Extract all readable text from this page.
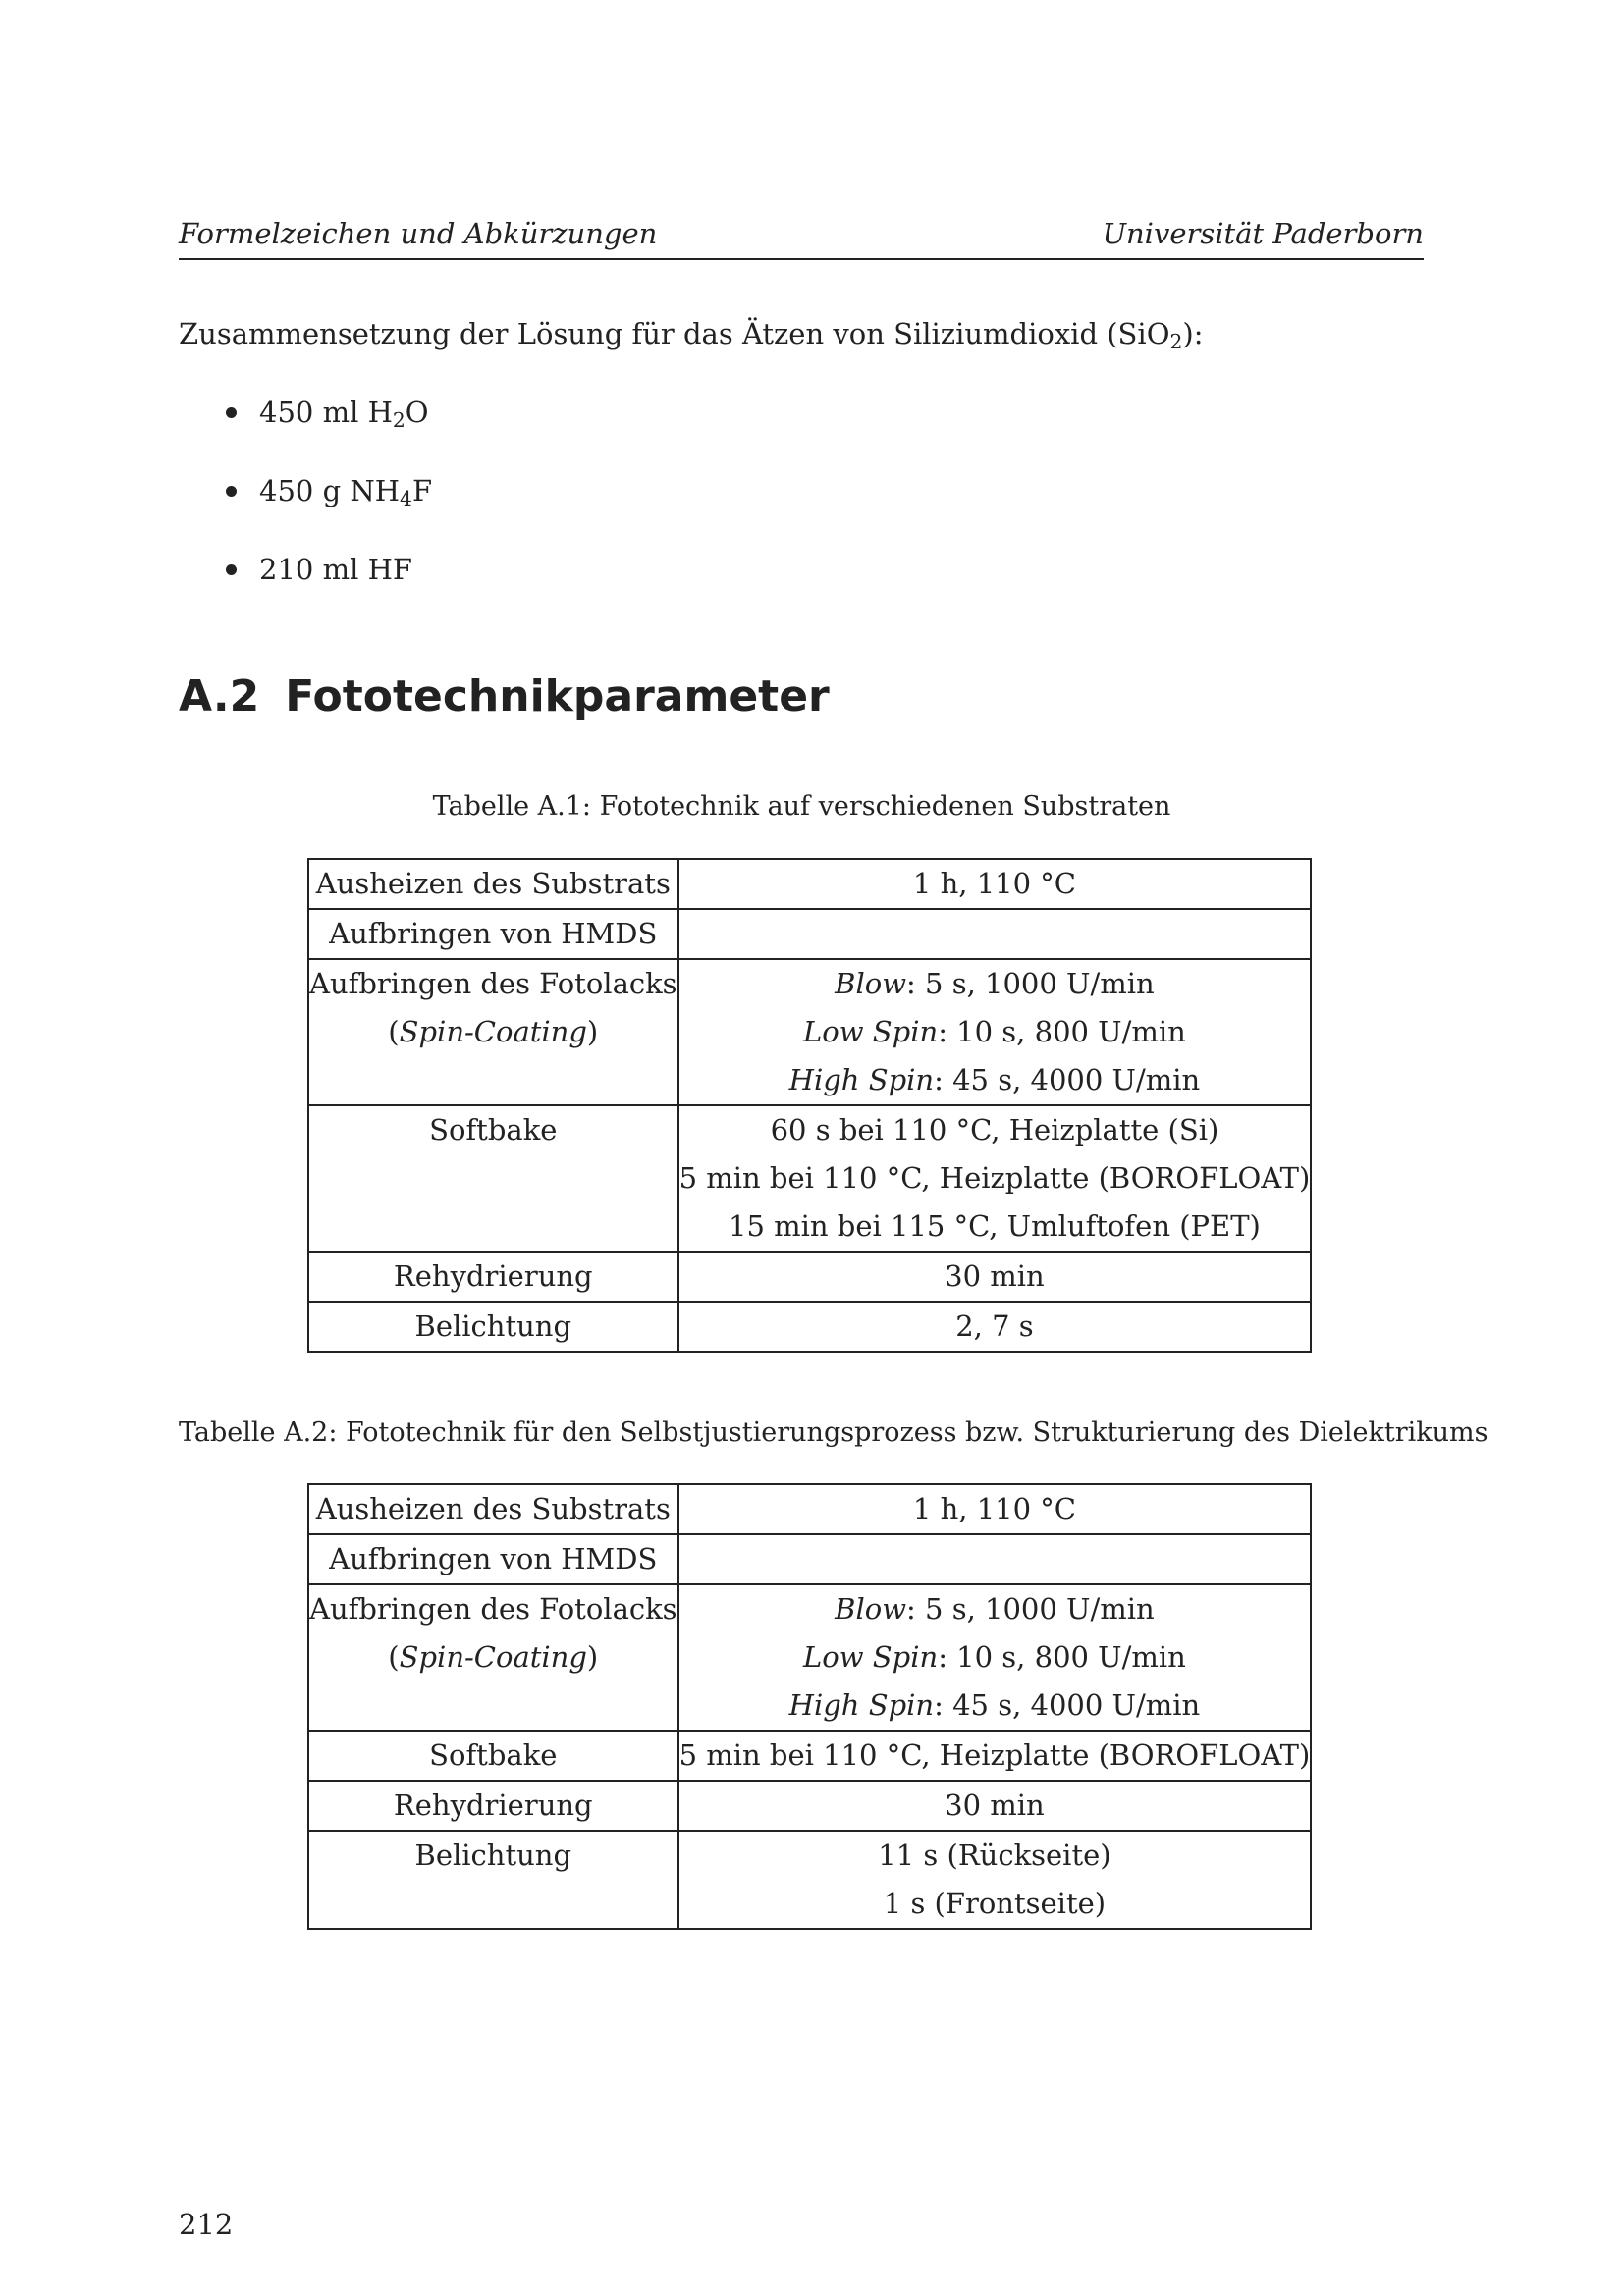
Formelzeichen und Abkürzungen	Universität Paderborn
Zusammensetzung der Lösung für das Ätzen von Siliziumdioxid (SiO$_2$):
450 ml $H_2O$
450 g $NH_4F$
210 ml HF
A.2 Fototechnikparameter
Tabelle A.1: Fototechnik auf verschiedenen Substraten
Ausheizen des Substrats	1 h, 110 °C

Aufbringen von HMDS	

Aufbringen des Fotolacks
(Spin-Coating)	Blow: 5 s, 1000 U/min
Low Spin: 10 s, 800 U/min
High Spin: 45 s, 4000 U/min

Softbake	60 s bei 110 °C, Heizplatte (Si)
5 min bei 110 °C, Heizplatte (BOROFLOAT)
15 min bei 115 °C, Umluftofen (PET)

Rehydrierung	30 min

Belichtung	2, 7 s
Tabelle A.2: Fototechnik für den Selbstjustierungsprozess bzw. Strukturierung des Dielektrikums
Ausheizen des Substrats	1 h, 110 °C

Aufbringen von HMDS	

Aufbringen des Fotolacks
(Spin-Coating)	Blow: 5 s, 1000 U/min
Low Spin: 10 s, 800 U/min
High Spin: 45 s, 4000 U/min

Softbake	5 min bei 110 °C, Heizplatte (BOROFLOAT)

Rehydrierung	30 min

Belichtung	11 s (Rückseite)
1 s (Frontseite)
212
